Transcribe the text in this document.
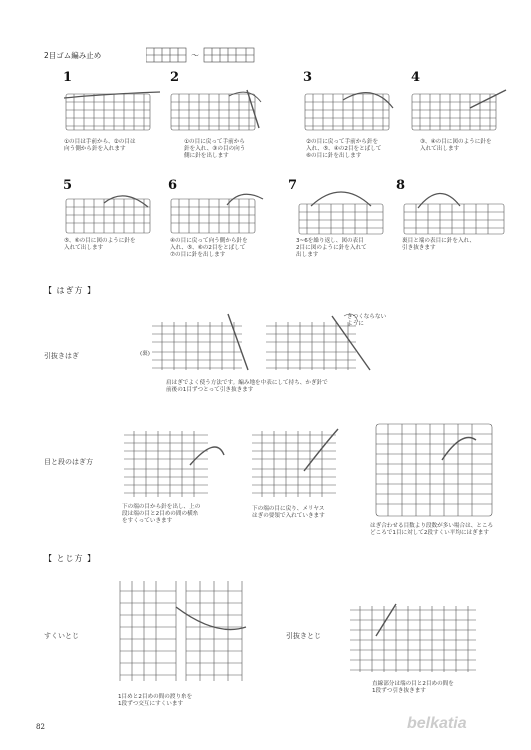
2目ゴム編み止め	〜
1	2	3	4
5	6	7	8
①の目は手前から、②の目は
向う側から針を入れます
①の目に戻って手前から
針を入れ、③の目の向う
側に針を出します
②の目に戻って手前から針を
入れ、⑤、④の2目をとばして
⑥の目に針を出します
③、④の目に図のように針を
入れて出します
⑤、⑥の目に図のように針を
入れて出します
④の目に戻って向う側から針を
入れ、⑤、⑥の2目をとばして
⑦の目に針を出します
3~6を繰り返し、図の表目
2目に図のように針を入れて
出します
裏目と端の表目に針を入れ、
引き抜きます
【 はぎ方 】
引抜きはぎ	(裏)
きつくならない
ように
肩はぎでよく使う方法です。編み地を中表にして持ち、かぎ針で
前後の1目ずつとって引き抜きます
目と段のはぎ方
下の端の目から針を出し、上の
段は端の目と2目めの間の横糸
をすくっていきます
下の端の目に戻り、メリヤス
はぎの要領で入れていきます
はぎ合わせる目数より段数が多い場合は、ところ
どころで1目に対して2段すくい平均にはぎます
【 とじ方 】
すくいとじ
1目めと2目めの間の渡り糸を
1段ずつ交互にすくいます
引抜きとじ
直線部分は端の目と2目めの間を
1段ずつ引き抜きます
82	belkatia
